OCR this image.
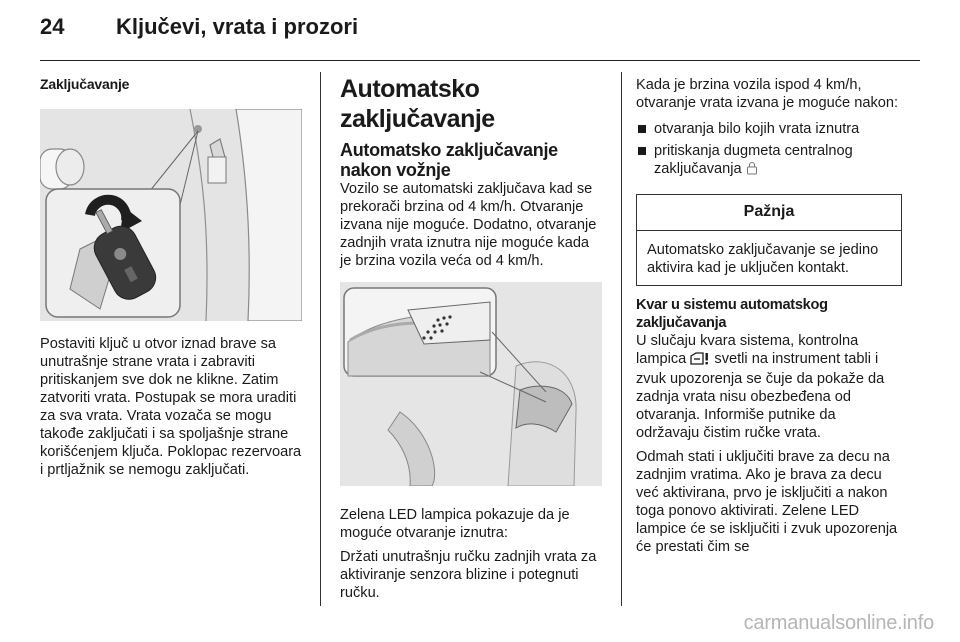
24 Ključevi, vrata i prozori
Zaključavanje

Postaviti ključ u otvor iznad brave sa unutrašnje strane vrata i zabraviti pritiskanjem sve dok ne klikne. Zatim zatvoriti vrata. Postupak se mora uraditi za sva vrata. Vrata vozača se mogu takođe zaključati i sa spoljašnje strane korišćenjem ključa. Poklopac rezervoara i prtljažnik se nemogu zaključati.

Automatsko zaključavanje
Automatsko zaključavanje nakon vožnje

Vozilo se automatski zaključava kad se prekorači brzina od 4 km/h. Otvaranje izvana nije moguće. Dodatno, otvaranje zadnjih vrata iznutra nije moguće kada je brzina vozila veća od 4 km/h.

Zelena LED lampica pokazuje da je moguće otvaranje iznutra:

Držati unutrašnju ručku zadnjih vrata za aktiviranje senzora blizine i potegnuti ručku.

Kada je brzina vozila ispod 4 km/h, otvaranje vrata izvana je moguće nakon:

otvaranja bilo kojih vrata iznutra
pritiskanja dugmeta centralnog zaključavanja
Pažnja

Automatsko zaključavanje se jedino aktivira kad je uključen kontakt.

Kvar u sistemu automatskog zaključavanja

U slučaju kvara sistema, kontrolna lampica svetli na instrument tabli i zvuk upozorenja se čuje da pokaže da zadnja vrata nisu obezbeđena od otvaranja. Informiše putnike da održavaju čistim ručke vrata.

Odmah stati i uključiti brave za decu na zadnjim vratima. Ako je brava za decu već aktivirana, prvo je isključiti a nakon toga ponovo aktivirati. Zelene LED lampice će se isključiti i zvuk upozorenja će prestati čim se

carmanualsonline.info
